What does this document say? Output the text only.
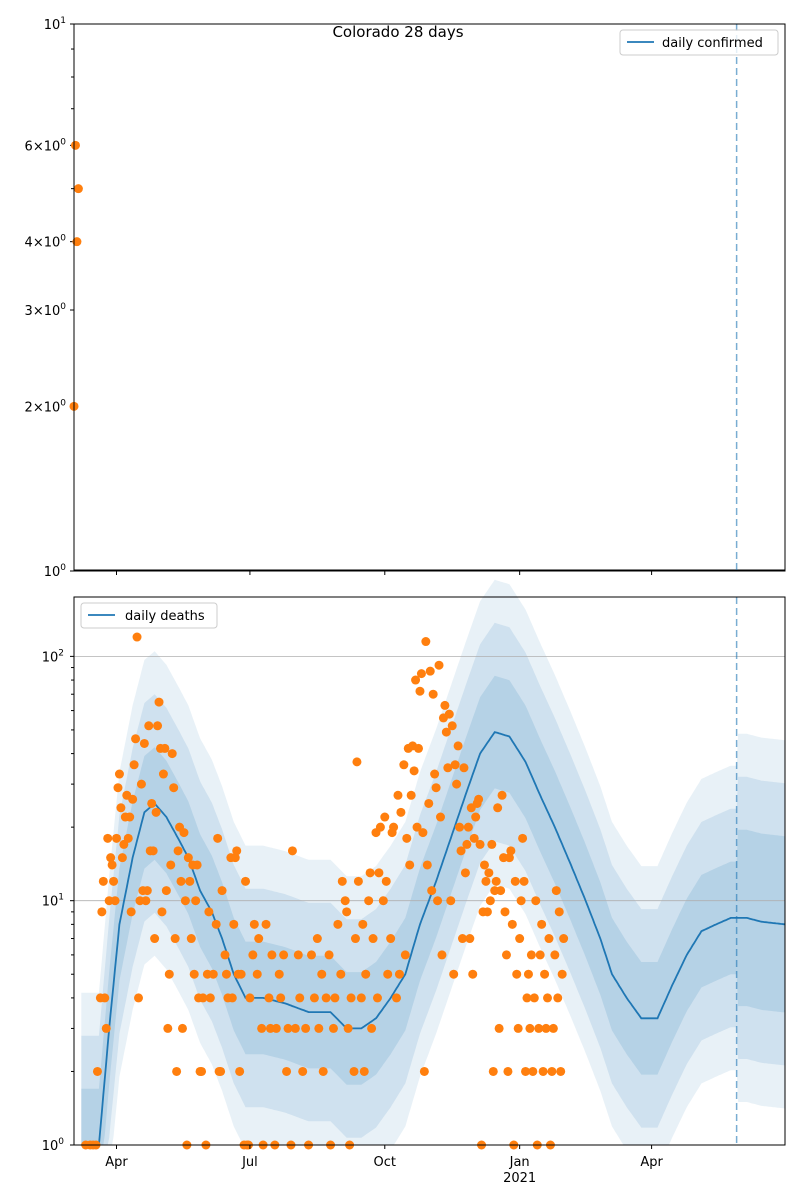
Colorado 28 days
$10^1$
$6\times 10^0$
$4\times 10^0$
$3\times 10^0$
$2\times 10^0$
$10^0$
daily confirmed
$10^2$
$10^1$
$10^0$
Apr	Jul	Oct	Jan
2021
Apr
daily deaths
